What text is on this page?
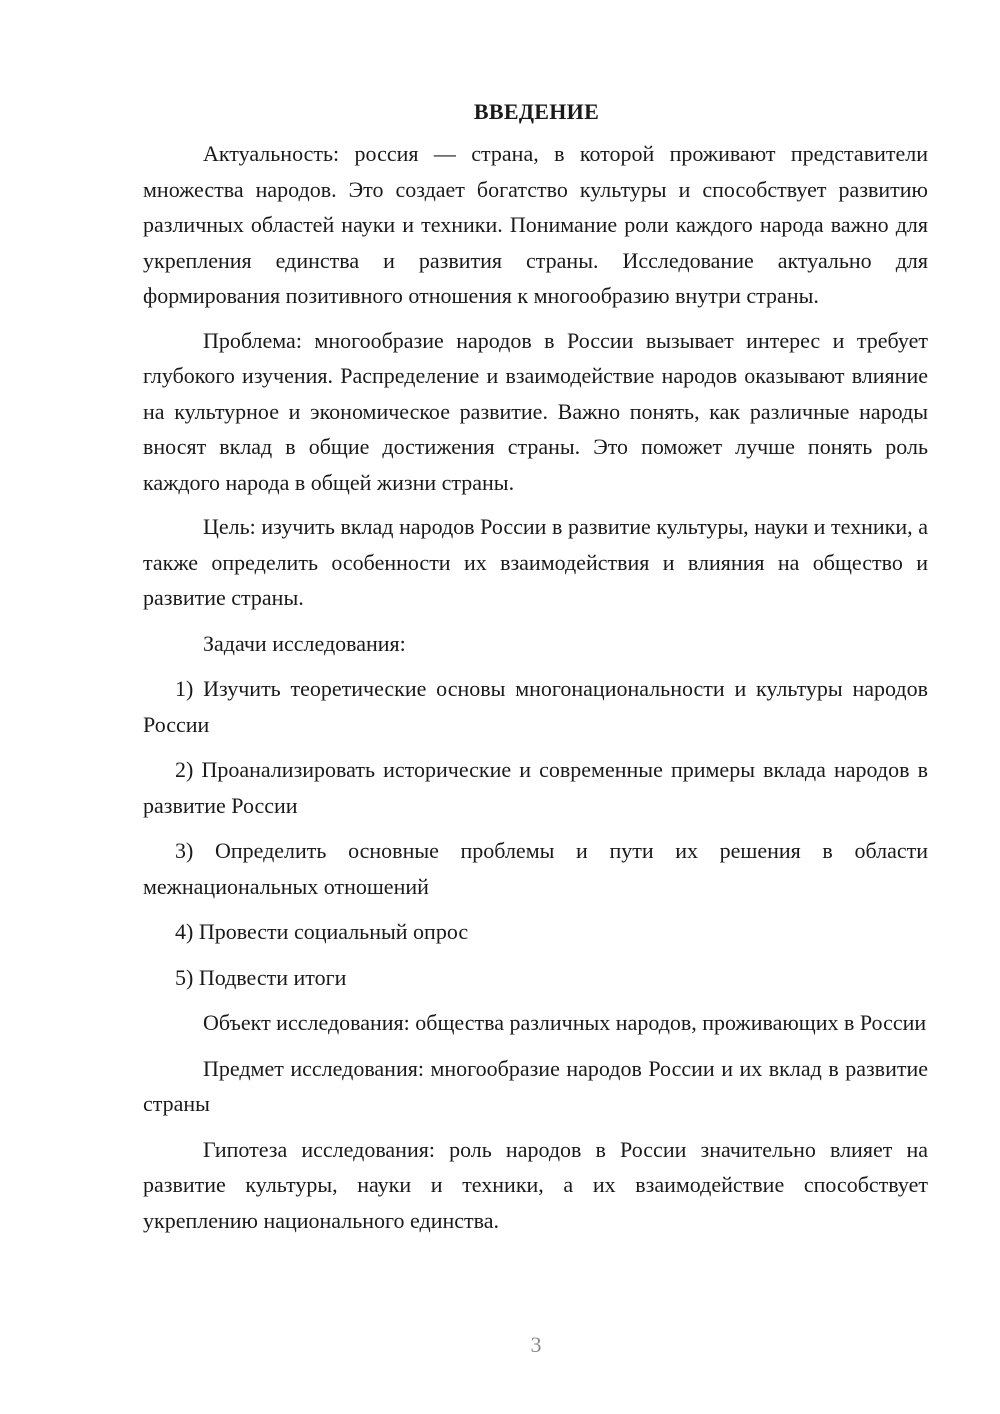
ВВЕДЕНИЕ

Актуальность: россия — страна, в которой проживают представители множества народов. Это создает богатство культуры и способствует развитию различных областей науки и техники. Понимание роли каждого народа важно для укрепления единства и развития страны. Исследование актуально для формирования позитивного отношения к многообразию внутри страны.

Проблема: многообразие народов в России вызывает интерес и требует глубокого изучения. Распределение и взаимодействие народов оказывают влияние на культурное и экономическое развитие. Важно понять, как различные народы вносят вклад в общие достижения страны. Это поможет лучше понять роль каждого народа в общей жизни страны.

Цель: изучить вклад народов России в развитие культуры, науки и техники, а также определить особенности их взаимодействия и влияния на общество и развитие страны.

Задачи исследования:

1) Изучить теоретические основы многонациональности и культуры народов России

2) Проанализировать исторические и современные примеры вклада народов в развитие России

3) Определить основные проблемы и пути их решения в области межнациональных отношений

4) Провести социальный опрос

5) Подвести итоги

Объект исследования: общества различных народов, проживающих в России

Предмет исследования: многообразие народов России и их вклад в развитие страны

Гипотеза исследования: роль народов в России значительно влияет на развитие культуры, науки и техники, а их взаимодействие способствует укреплению национального единства.

3
